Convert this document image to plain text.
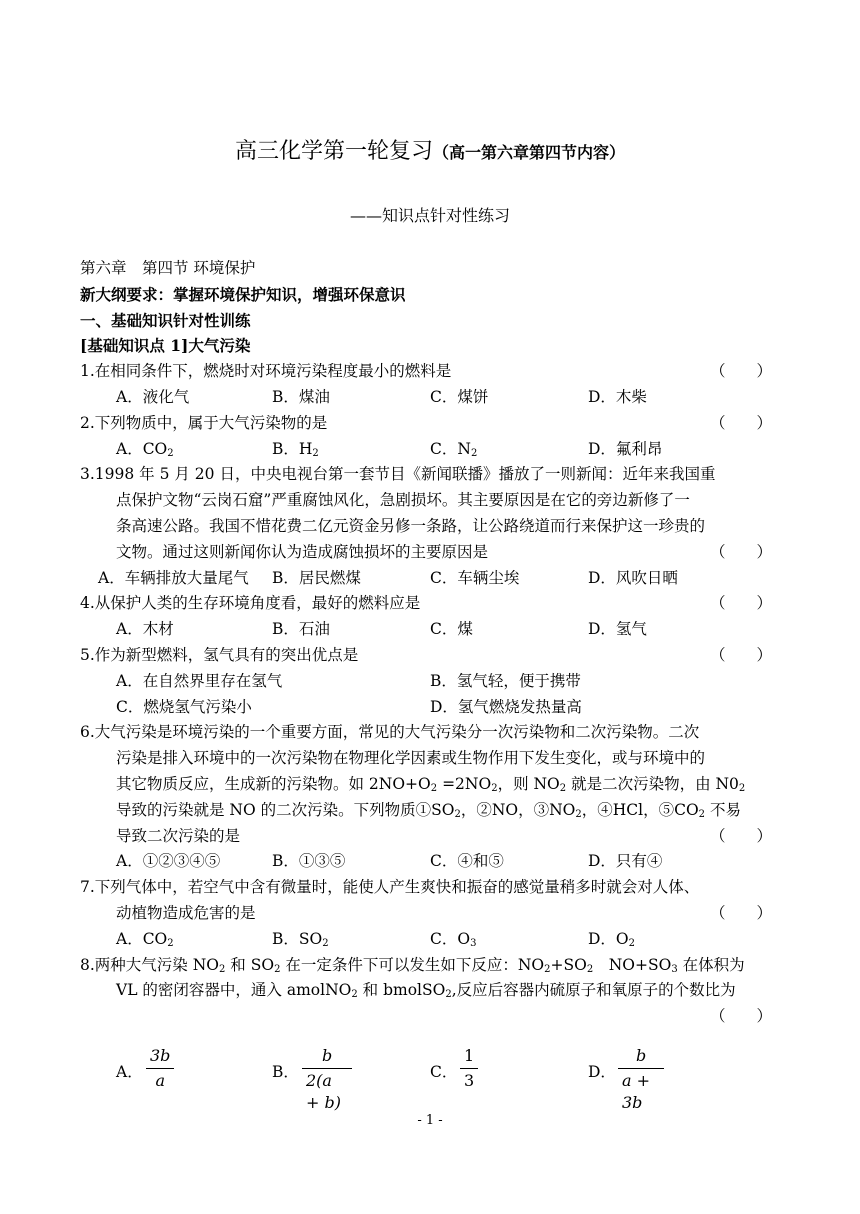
高三化学第一轮复习（高一第六章第四节内容）
——知识点针对性练习
第六章　第四节 环境保护
新大纲要求：掌握环境保护知识，增强环保意识
一、基础知识针对性训练
[基础知识点 1]大气污染
1.在相同条件下，燃烧时对环境污染程度最小的燃料是	（　　）
A．液化气	B．煤油	C．煤饼	D．木柴
2.下列物质中，属于大气污染物的是	（　　）
A．$CO_2$	B．$H_2$	C．$N_2$	D．氟利昂
3.1998 年 5 月 20 日，中央电视台第一套节目《新闻联播》播放了一则新闻：近年来我国重
点保护文物“云岗石窟”严重腐蚀风化，急剧损坏。其主要原因是在它的旁边新修了一
条高速公路。我国不惜花费二亿元资金另修一条路，让公路绕道而行来保护这一珍贵的
文物。通过这则新闻你认为造成腐蚀损坏的主要原因是	（　　）
A．车辆排放大量尾气 B．居民燃煤	C．车辆尘埃	D．风吹日晒
4.从保护人类的生存环境角度看，最好的燃料应是	（　　）
A．木材	B．石油	C．煤	D．氢气
5.作为新型燃料，氢气具有的突出优点是	（　　）
A．在自然界里存在氢气	B．氢气轻，便于携带
C．燃烧氢气污染小	D．氢气燃烧发热量高
6.大气污染是环境污染的一个重要方面，常见的大气污染分一次污染物和二次污染物。二次
污染是排入环境中的一次污染物在物理化学因素或生物作用下发生变化，或与环境中的
其它物质反应，生成新的污染物。如 $2NO+O_2 =2NO_2$，则 $NO_2$ 就是二次污染物，由 $N0_2$
导致的污染就是 NO 的二次污染。下列物质$①SO_2$，②NO，$③NO_2$，④HCl，$⑤CO_2$ 不易
导致二次污染的是	（　　）
A．①②③④⑤	B．①③⑤	C．④和⑤	D．只有④
7.下列气体中，若空气中含有微量时，能使人产生爽快和振奋的感觉量稍多时就会对人体、
动植物造成危害的是	（　　）
A．$CO_2$	B．$SO_2$	C．$O_3$	D．$O_2$
8.两种大气污染 $NO_2$ 和 $SO_2$ 在一定条件下可以发生如下反应：$NO_2+SO_2$　$NO+SO_3$ 在体积为
VL 的密闭容器中，通入 amolNO$_2$ 和 bmolSO$_2$,反应后容器内硫原子和氧原子的个数比为
（　　）
A． $\frac{3b}{a}$	B． $\frac{b}{2(a + b)}$	C． $\frac{1}{3}$	D． $\frac{b}{a + 3b}$
- 1 -
